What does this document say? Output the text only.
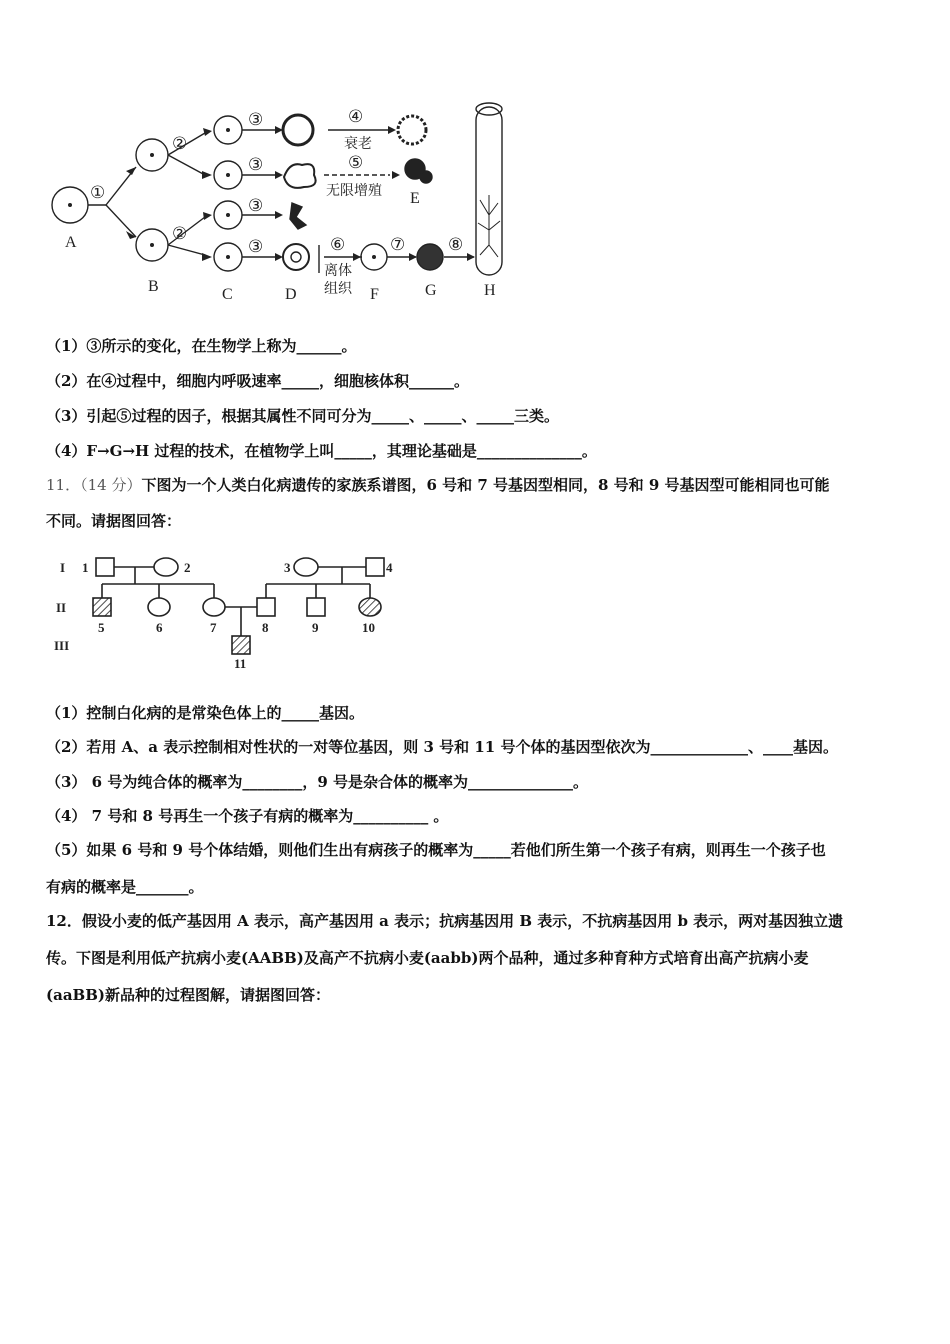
A
B	C	D
E
F	G	H
①
②
②
③
③
③
③
④
⑤
⑥	⑦	⑧
衰老
无限增殖
离体
组织
（1）③所示的变化，在生物学上称为______。
（2）在④过程中，细胞内呼吸速率_____，细胞核体积______。
（3）引起⑤过程的因子，根据其属性不同可分为_____、_____、_____三类。
（4）F→G→H 过程的技术，在植物学上叫_____，其理论基础是______________。
11．（14 分）下图为一个人类白化病遗传的家族系谱图，6 号和 7 号基因型相同，8 号和 9 号基因型可能相同也可能
不同。请据图回答：
I
II
III
1	2	3	4
5	6	7	8	9	10
11
（1）控制白化病的是常染色体上的_____基因。
（2）若用 A、a 表示控制相对性状的一对等位基因，则 3 号和 11 号个体的基因型依次为_____________、____基因。
（3） 6 号为纯合体的概率为________，9 号是杂合体的概率为______________。
（4） 7 号和 8 号再生一个孩子有病的概率为__________ 。
（5）如果 6 号和 9 号个体结婚，则他们生出有病孩子的概率为_____若他们所生第一个孩子有病，则再生一个孩子也
有病的概率是_______。
12．假设小麦的低产基因用 A 表示，高产基因用 a 表示；抗病基因用 B 表示，不抗病基因用 b 表示，两对基因独立遗
传。下图是利用低产抗病小麦(AABB)及高产不抗病小麦(aabb)两个品种，通过多种育种方式培育出高产抗病小麦
(aaBB)新品种的过程图解，请据图回答：
